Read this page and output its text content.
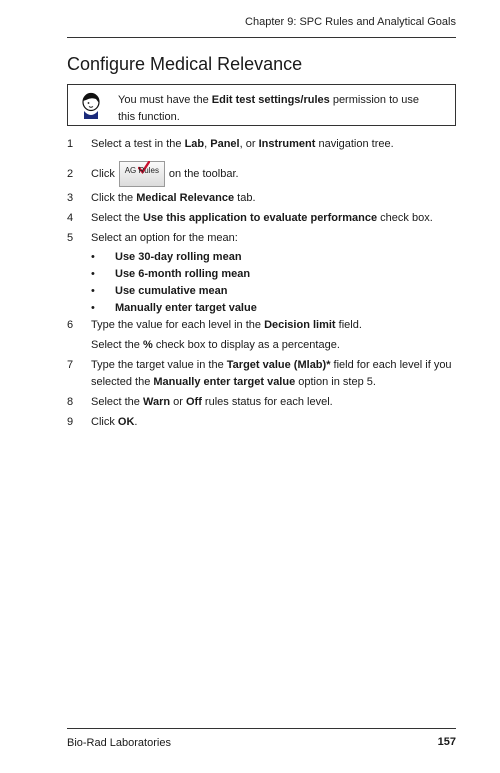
Chapter 9: SPC Rules and Analytical Goals
Configure Medical Relevance
You must have the Edit test settings/rules permission to use this function.
1 Select a test in the Lab, Panel, or Instrument navigation tree.
2 Click	AG Rules on the toolbar.
3 Click the Medical Relevance tab.
4 Select the Use this application to evaluate performance check box.
5 Select an option for the mean:
•	Use 30-day rolling mean
•	Use 6-month rolling mean
•	Use cumulative mean
•	Manually enter target value
6 Type the value for each level in the Decision limit field.
Select the % check box to display as a percentage.
7 Type the target value in the Target value (Mlab)* field for each level if you selected the Manually enter target value option in step 5.
8 Select the Warn or Off rules status for each level.
9 Click OK.
Bio-Rad Laboratories	157
